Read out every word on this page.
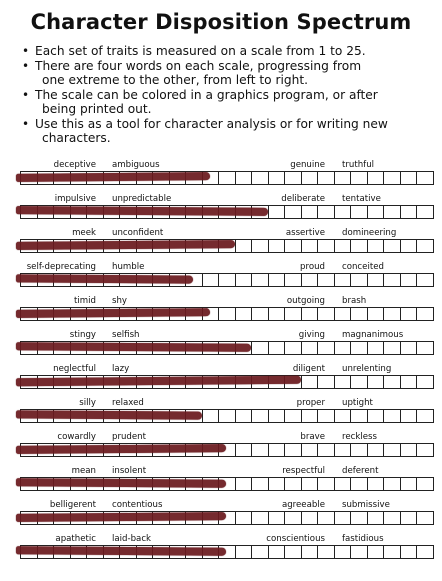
Character Disposition Spectrum
• Each set of traits is measured on a scale from 1 to 25.
• There are four words on each scale, progressing from
one extreme to the other, from left to right.
• The scale can be colored in a graphics program, or after
being printed out.
• Use this as a tool for character analysis or for writing new
characters.
deceptive ambiguous	genuine truthful
impulsive unpredictable	deliberate tentative
meek unconfident	assertive domineering
self-deprecating humble	proud conceited
timid shy	outgoing brash
stingy selfish	giving magnanimous
neglectful lazy	diligent unrelenting
silly relaxed	proper uptight
cowardly prudent	brave reckless
mean insolent	respectful deferent
belligerent contentious	agreeable submissive
apathetic laid-back	conscientious fastidious
